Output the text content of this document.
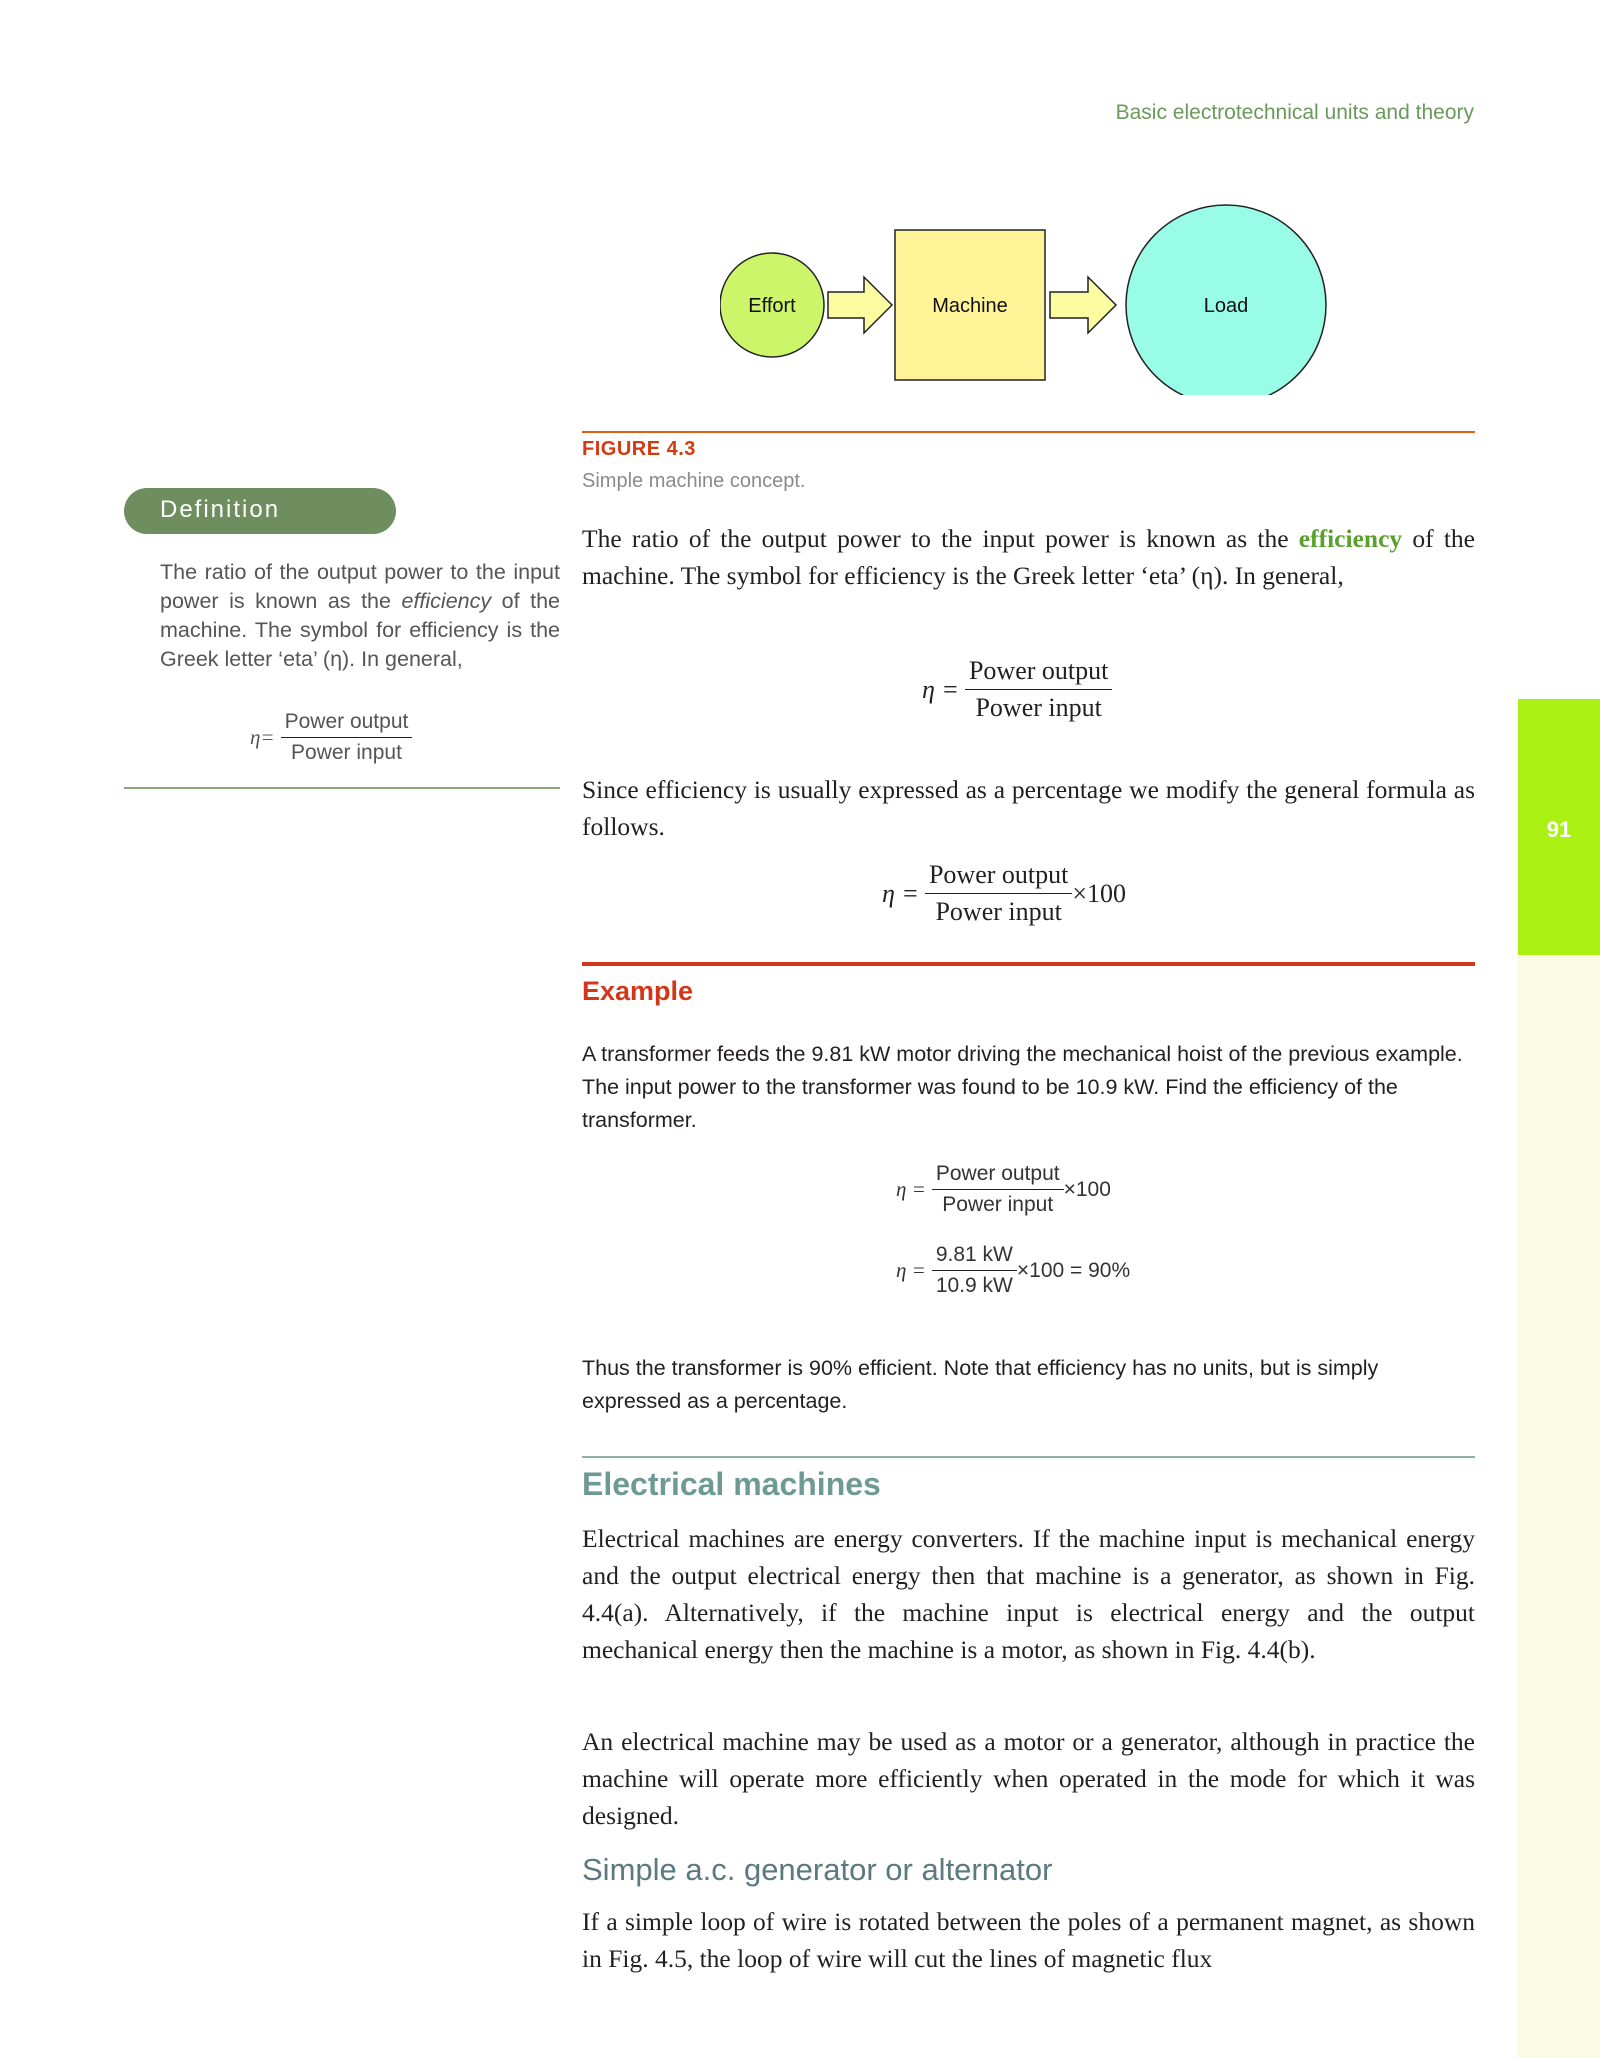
Basic electrotechnical units and theory
91
Effort	Machine	Load
FIGURE 4.3
Simple machine concept.
Definition
The ratio of the output power to the input power is known as the efficiency of the machine. The symbol for efficiency is the Greek letter ‘eta’ (η). In general,
$\eta= \frac{\text{Power output}}{\text{Power input}}$
The ratio of the output power to the input power is known as the efficiency of the machine. The symbol for efficiency is the Greek letter ‘eta’ (η). In general,
$\eta = \frac{\text{Power output}}{\text{Power input}}$
Since efficiency is usually expressed as a percentage we modify the general formula as follows.
$\eta = \frac{\text{Power output}}{\text{Power input}} \times 100$
Example
A transformer feeds the 9.81 kW motor driving the mechanical hoist of the previous example. The input power to the transformer was found to be 10.9 kW. Find the efficiency of the transformer.
$\eta = \frac{\text{Power output}}{\text{Power input}} \times 100$
$\eta = \frac{9.81 kW}{10.9 kW} \times 100 = 90\%$
Thus the transformer is 90% efficient. Note that efficiency has no units, but is simply expressed as a percentage.
Electrical machines
Electrical machines are energy converters. If the machine input is mechanical energy and the output electrical energy then that machine is a generator, as shown in Fig. 4.4(a). Alternatively, if the machine input is electrical energy and the output mechanical energy then the machine is a motor, as shown in Fig. 4.4(b).
An electrical machine may be used as a motor or a generator, although in practice the machine will operate more efficiently when operated in the mode for which it was designed.
Simple a.c. generator or alternator
If a simple loop of wire is rotated between the poles of a permanent magnet, as shown in Fig. 4.5, the loop of wire will cut the lines of magnetic flux
